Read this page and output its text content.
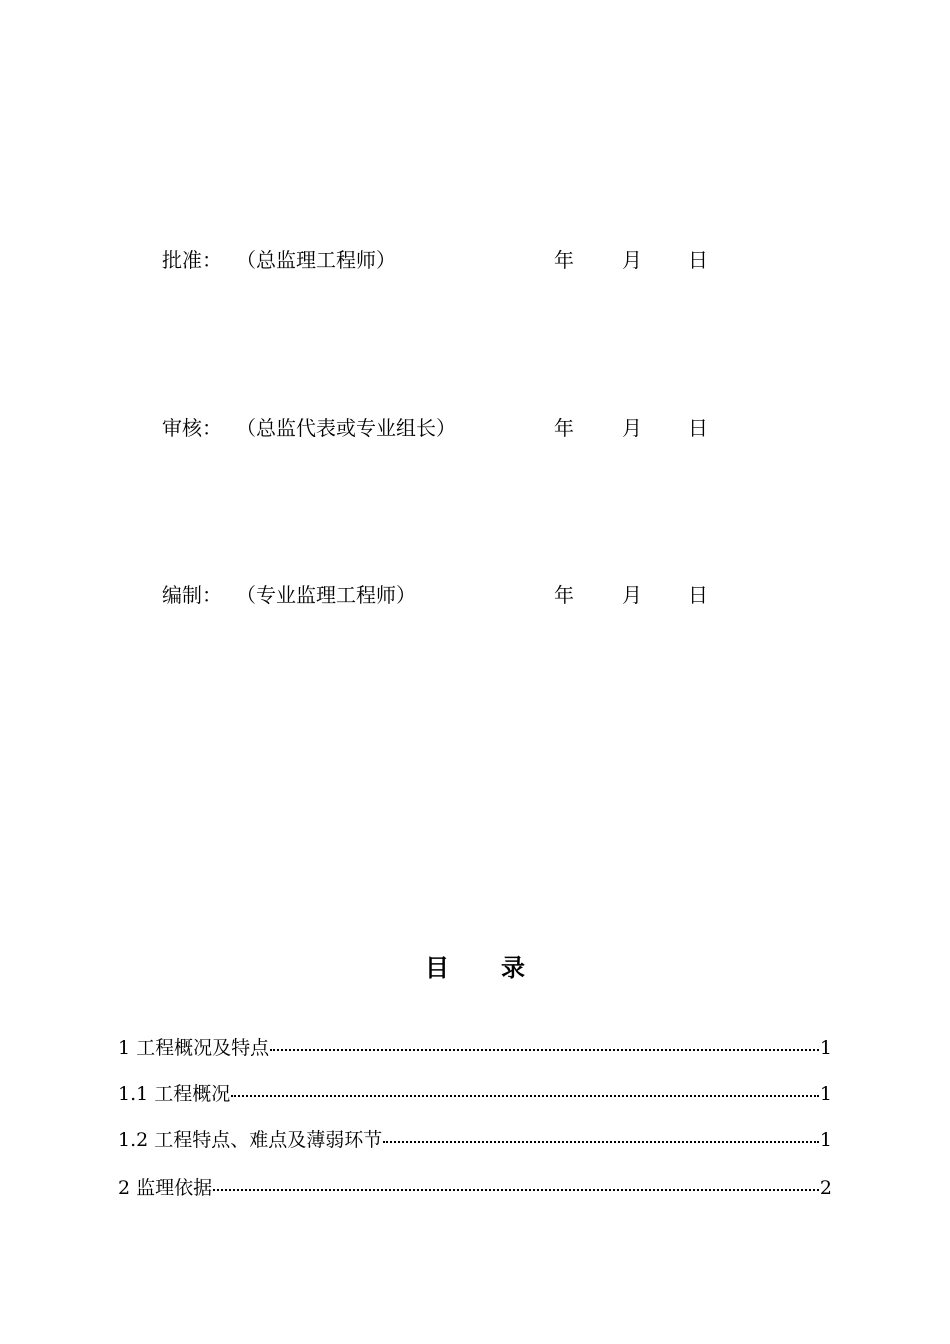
批准： （总监理工程师）	年 月 日
审核： （总监代表或专业组长）	年 月 日
编制： （专业监理工程师）	年 月 日
目 录
1 工程概况及特点	1
1.1 工程概况	1
1.2 工程特点、难点及薄弱环节	1
2 监理依据	2
